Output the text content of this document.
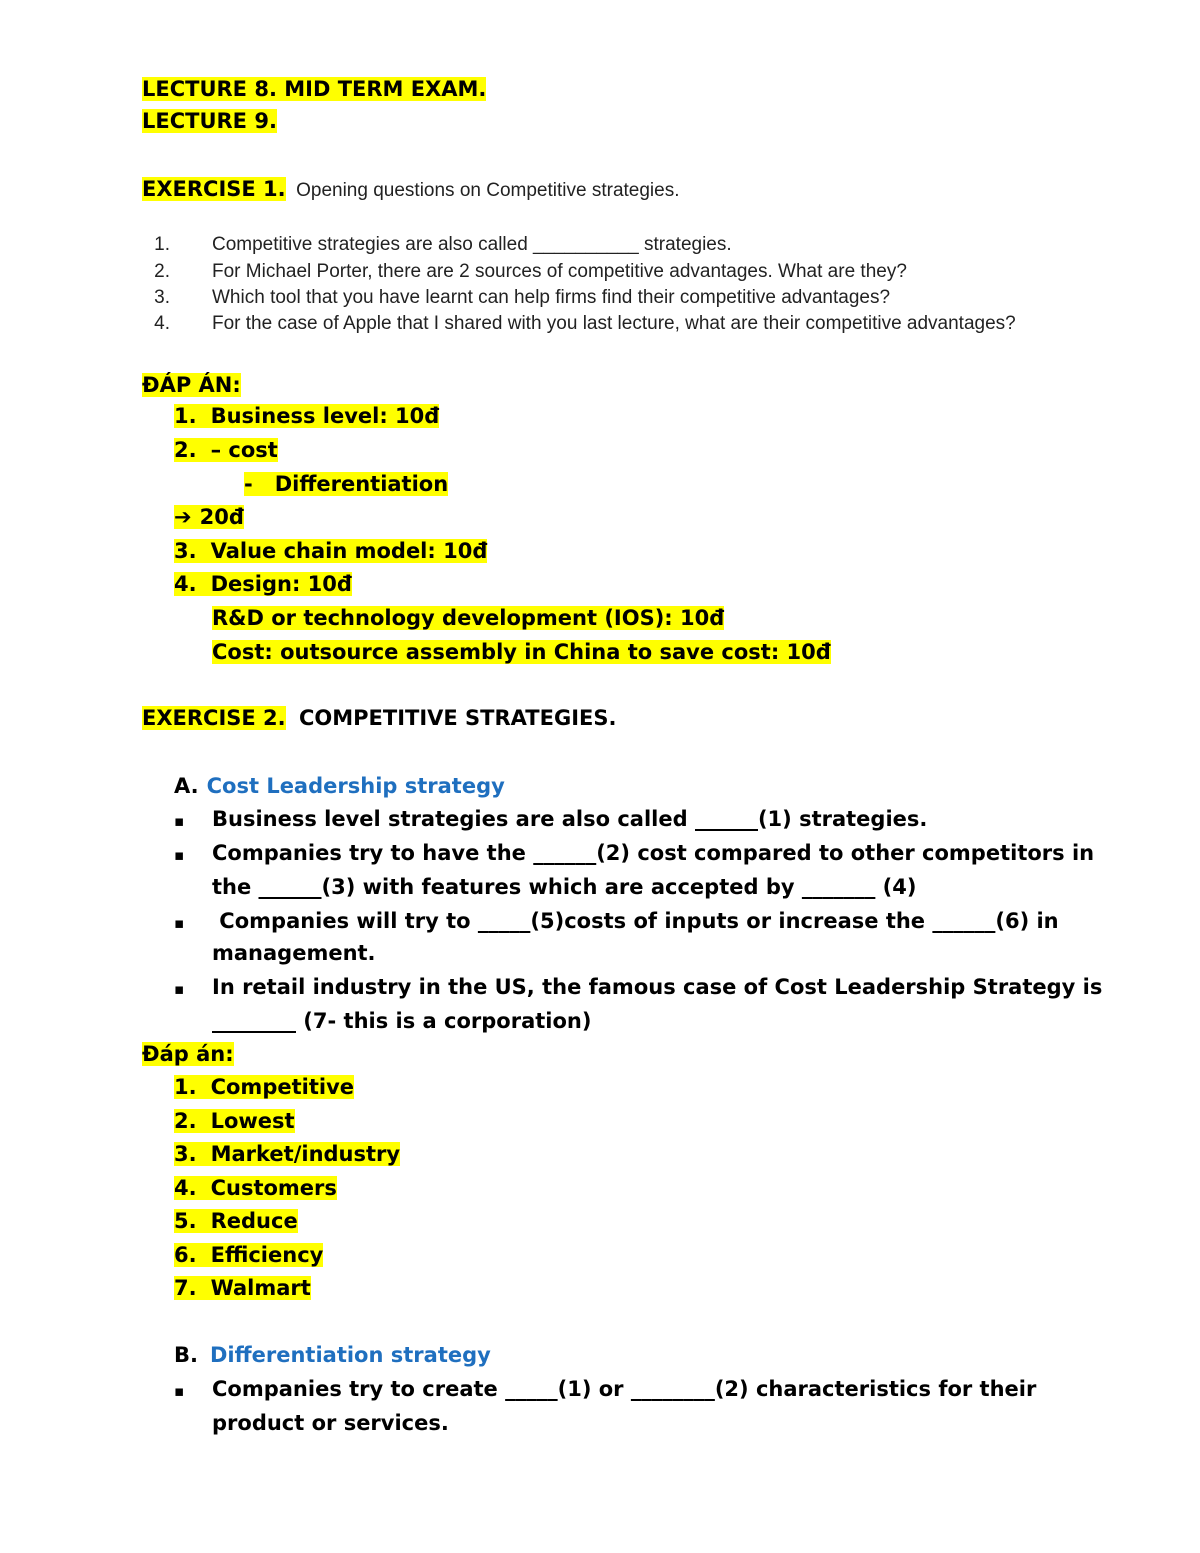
LECTURE 8. MID TERM EXAM.
LECTURE 9.
EXERCISE 1. Opening questions on Competitive strategies.
1. Competitive strategies are also called __________ strategies.
2. For Michael Porter, there are 2 sources of competitive advantages. What are they?
3. Which tool that you have learnt can help firms find their competitive advantages?
4. For the case of Apple that I shared with you last lecture, what are their competitive advantages?
ĐÁP ÁN:
1. Business level: 10đ
2. – cost
- Differentiation
➔ 20đ
3. Value chain model: 10đ
4. Design: 10đ
R&D or technology development (IOS): 10đ
Cost: outsource assembly in China to save cost: 10đ
EXERCISE 2. COMPETITIVE STRATEGIES.
A. Cost Leadership strategy
▪ Business level strategies are also called ______(1) strategies.
▪ Companies try to have the ______(2) cost compared to other competitors in
the ______(3) with features which are accepted by _______ (4)
▪ Companies will try to _____(5)costs of inputs or increase the ______(6) in
management.
▪ In retail industry in the US, the famous case of Cost Leadership Strategy is
________ (7- this is a corporation)
Đáp án:
1. Competitive
2. Lowest
3. Market/industry
4. Customers
5. Reduce
6. Efficiency
7. Walmart
B. Differentiation strategy
▪ Companies try to create _____(1) or ________(2) characteristics for their
product or services.
